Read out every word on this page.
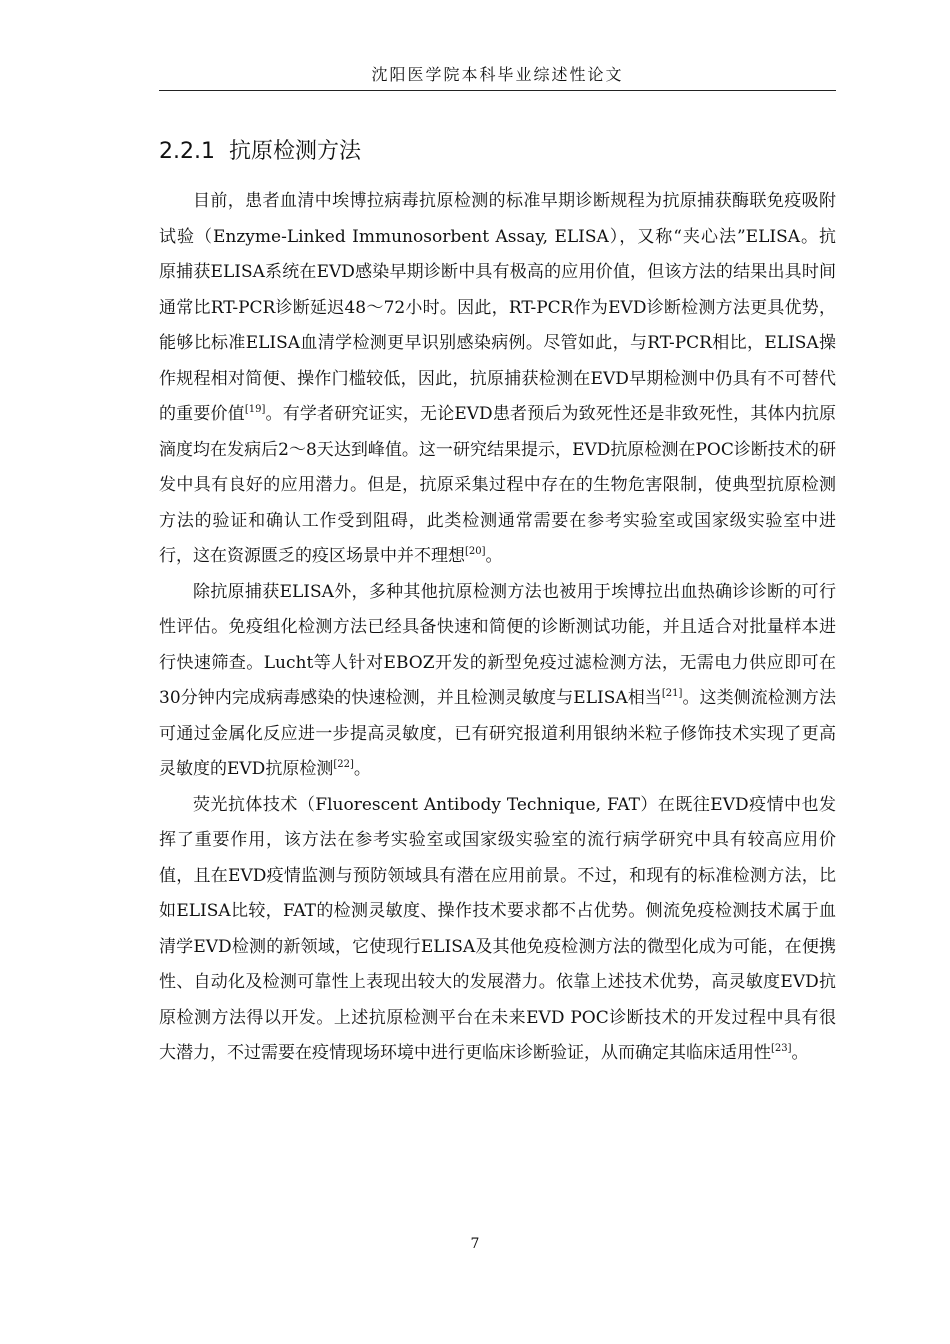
沈阳医学院本科毕业综述性论文
2.2.1 抗原检测方法

目前，患者血清中埃博拉病毒抗原检测的标准早期诊断规程为抗原捕获酶联免疫吸附试验（Enzyme-Linked Immunosorbent Assay, ELISA），又称“夹心法”ELISA。抗原捕获ELISA系统在EVD感染早期诊断中具有极高的应用价值，但该方法的结果出具时间通常比RT-PCR诊断延迟48～72小时。因此，RT-PCR作为EVD诊断检测方法更具优势，能够比标准ELISA血清学检测更早识别感染病例。尽管如此，与RT-PCR相比，ELISA操作规程相对简便、操作门槛较低，因此，抗原捕获检测在EVD早期检测中仍具有不可替代的重要价值[19]。有学者研究证实，无论EVD患者预后为致死性还是非致死性，其体内抗原滴度均在发病后2～8天达到峰值。这一研究结果提示，EVD抗原检测在POC诊断技术的研发中具有良好的应用潜力。但是，抗原采集过程中存在的生物危害限制，使典型抗原检测方法的验证和确认工作受到阻碍，此类检测通常需要在参考实验室或国家级实验室中进行，这在资源匮乏的疫区场景中并不理想[20]。

除抗原捕获ELISA外，多种其他抗原检测方法也被用于埃博拉出血热确诊诊断的可行性评估。免疫组化检测方法已经具备快速和简便的诊断测试功能，并且适合对批量样本进行快速筛查。Lucht等人针对EBOZ开发的新型免疫过滤检测方法，无需电力供应即可在30分钟内完成病毒感染的快速检测，并且检测灵敏度与ELISA相当[21]。这类侧流检测方法可通过金属化反应进一步提高灵敏度，已有研究报道利用银纳米粒子修饰技术实现了更高灵敏度的EVD抗原检测[22]。

荧光抗体技术（Fluorescent Antibody Technique, FAT）在既往EVD疫情中也发挥了重要作用，该方法在参考实验室或国家级实验室的流行病学研究中具有较高应用价值，且在EVD疫情监测与预防领域具有潜在应用前景。不过，和现有的标准检测方法，比如ELISA比较，FAT的检测灵敏度、操作技术要求都不占优势。侧流免疫检测技术属于血清学EVD检测的新领域，它使现行ELISA及其他免疫检测方法的微型化成为可能，在便携性、自动化及检测可靠性上表现出较大的发展潜力。依靠上述技术优势，高灵敏度EVD抗原检测方法得以开发。上述抗原检测平台在未来EVD POC诊断技术的开发过程中具有很大潜力，不过需要在疫情现场环境中进行更临床诊断验证，从而确定其临床适用性[23]。

7
